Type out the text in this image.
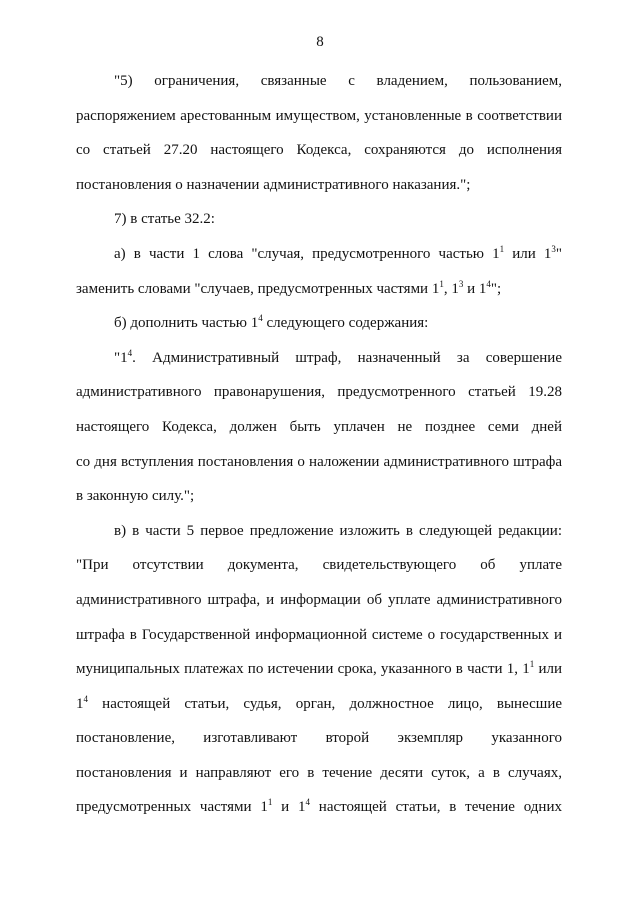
8
"5) ограничения, связанные с владением, пользованием,
распоряжением арестованным имуществом, установленные в соответствии
со статьей 27.20 настоящего Кодекса, сохраняются до исполнения
постановления о назначении административного наказания.";
7) в статье 32.2:
а) в части 1 слова "случая, предусмотренного частью $1^1$ или $1^3$"
заменить словами "случаев, предусмотренных частями $1^1$, $1^3$ и $1^4$";
б) дополнить частью $1^4$ следующего содержания:
"$1^4$. Административный штраф, назначенный за совершение
административного правонарушения, предусмотренного статьей 19.28
настоящего Кодекса, должен быть уплачен не позднее семи дней
со дня вступления постановления о наложении административного штрафа
в законную силу.";
в) в части 5 первое предложение изложить в следующей редакции:
"При отсутствии документа, свидетельствующего об уплате
административного штрафа, и информации об уплате административного
штрафа в Государственной информационной системе о государственных и
муниципальных платежах по истечении срока, указанного в части 1, $1^1$ или
$1^4$ настоящей статьи, судья, орган, должностное лицо, вынесшие
постановление, изготавливают второй экземпляр указанного
постановления и направляют его в течение десяти суток, а в случаях,
предусмотренных частями $1^1$ и $1^4$ настоящей статьи, в течение одних
